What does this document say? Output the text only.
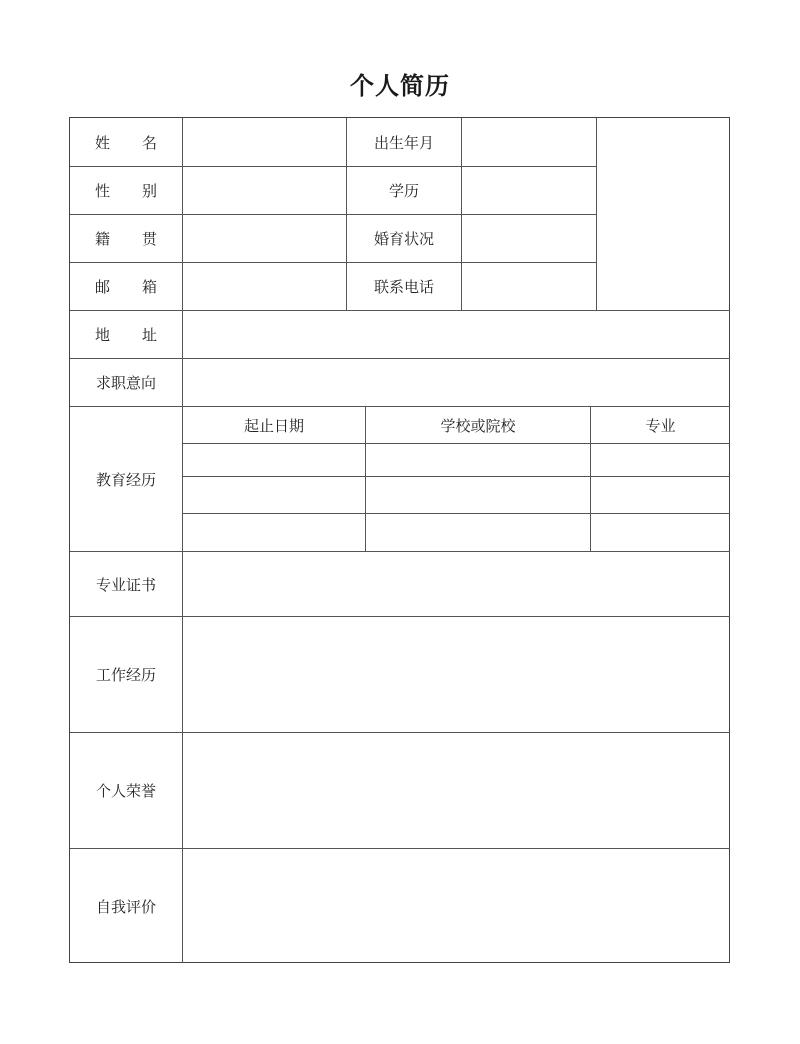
个人简历
姓 名	出生年月
性 别	学历
籍 贯	婚育状况
邮 箱	联系电话
地 址
求职意向
教育经历
起止日期	学校或院校	专业
专业证书
工作经历
个人荣誉
自我评价
